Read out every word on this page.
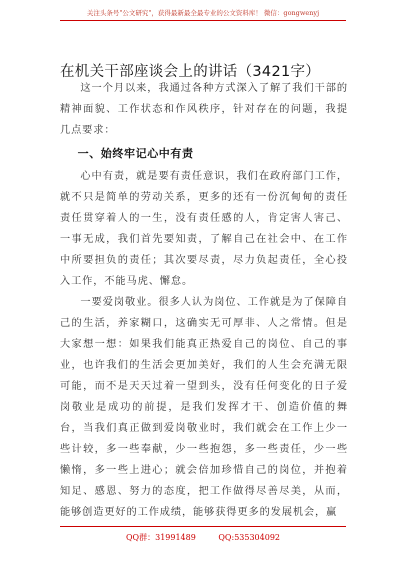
关注头条号"公文研究"，获得最新最全最专业的公文资料库！ 微信：gongwenyj
在机关干部座谈会上的讲话（3421字）

这一个月以来，我通过各种方式深入了解了我们干部的精神面貌、工作状态和作风秩序，针对存在的问题，我提几点要求：

一、始终牢记心中有责

心中有责，就是要有责任意识，我们在政府部门工作，就不只是简单的劳动关系，更多的还有一份沉甸甸的责任责任贯穿着人的一生，没有责任感的人，肯定害人害己、一事无成，我们首先要知责，了解自己在社会中、在工作中所要担负的责任；其次要尽责，尽力负起责任，全心投入工作，不能马虎、懈怠。

一要爱岗敬业。很多人认为岗位、工作就是为了保障自己的生活，养家糊口，这确实无可厚非、人之常情。但是大家想一想：如果我们能真正热爱自己的岗位、自己的事业，也许我们的生活会更加美好，我们的人生会充满无限可能，而不是天天过着一望到头，没有任何变化的日子爱岗敬业是成功的前提，是我们发挥才干、创造价值的舞台，当我们真正做到爱岗敬业时，我们就会在工作上少一些计较，多一些奉献，少一些抱怨，多一些责任，少一些懒惰，多一些上进心；就会倍加珍惜自己的岗位，并抱着知足、感恩、努力的态度，把工作做得尽善尽美，从而，能够创造更好的工作成绩，能够获得更多的发展机会，赢

QQ群：31991489	QQ:535304092
